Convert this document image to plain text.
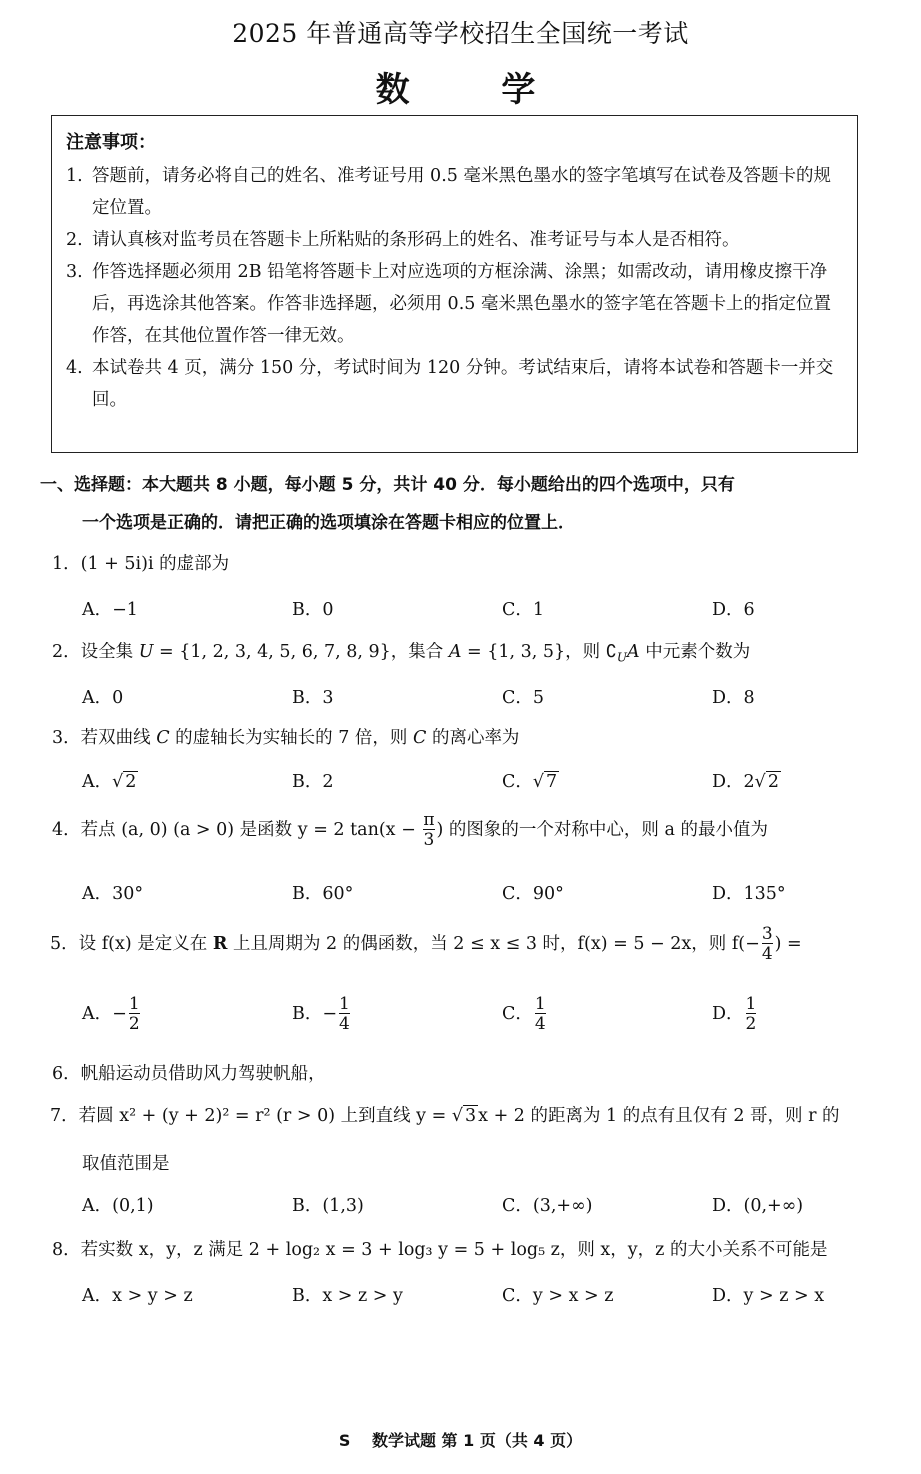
2025 年普通高等学校招生全国统一考试
数 学
注意事项：
1. 答题前，请务必将自己的姓名、准考证号用 0.5 毫米黑色墨水的签字笔填写在试卷及答题卡的规定位置。
2. 请认真核对监考员在答题卡上所粘贴的条形码上的姓名、准考证号与本人是否相符。
3. 作答选择题必须用 2B 铅笔将答题卡上对应选项的方框涂满、涂黑；如需改动，请用橡皮擦干净后，再选涂其他答案。作答非选择题，必须用 0.5 毫米黑色墨水的签字笔在答题卡上的指定位置作答，在其他位置作答一律无效。
4. 本试卷共 4 页，满分 150 分，考试时间为 120 分钟。考试结束后，请将本试卷和答题卡一并交回。
一、选择题：本大题共 8 小题，每小题 5 分，共计 40 分．每小题给出的四个选项中，只有
一个选项是正确的．请把正确的选项填涂在答题卡相应的位置上．
1．(1 + 5i)i 的虚部为
A．−1	B．0	C．1	D．6
2．设全集 U = {1, 2, 3, 4, 5, 6, 7, 8, 9}，集合 A = {1, 3, 5}，则 $∁_UA$ 中元素个数为
A．0	B．3	C．5	D．8
3．若双曲线 C 的虚轴长为实轴长的 7 倍，则 C 的离心率为
A．√ 2	B．2	C．√ 7	D．2√ 2
4．若点 (a, 0) (a > 0) 是函数 y = 2 $\tan(x - \frac{\pi}{3}$ ) 的图象的一个对称中心，则 a 的最小值为
A．30°	B．60°	C．90°	D．135°
5．设 f(x) 是定义在 R 上且周期为 2 的偶函数，当 2 ≤ x ≤ 3 时，f(x) = 5 − 2x，则 $f(- \frac{3}{4}$ ) =
A．− $\frac{1}{2}$	B．− $\frac{1}{4}$	C． $\frac{1}{4}$	D． $\frac{1}{2}$
6．帆船运动员借助风力驾驶帆船，
7．若圆 x² + (y + 2)² = r² (r > 0) 上到直线 y = √ 3 x + 2 的距离为 1 的点有且仅有 2 哥，则 r 的
取值范围是
A．(0,1)	B．(1,3)	C．(3,+∞)	D．(0,+∞)
8．若实数 x，y，z 满足 2 + log₂ x = 3 + log₃ y = 5 + log₅ z，则 x，y，z 的大小关系不可能是
A．x > y > z	B．x > z > y	C．y > x > z	D．y > z > x
S　 数学试题 第 1 页（共 4 页）
